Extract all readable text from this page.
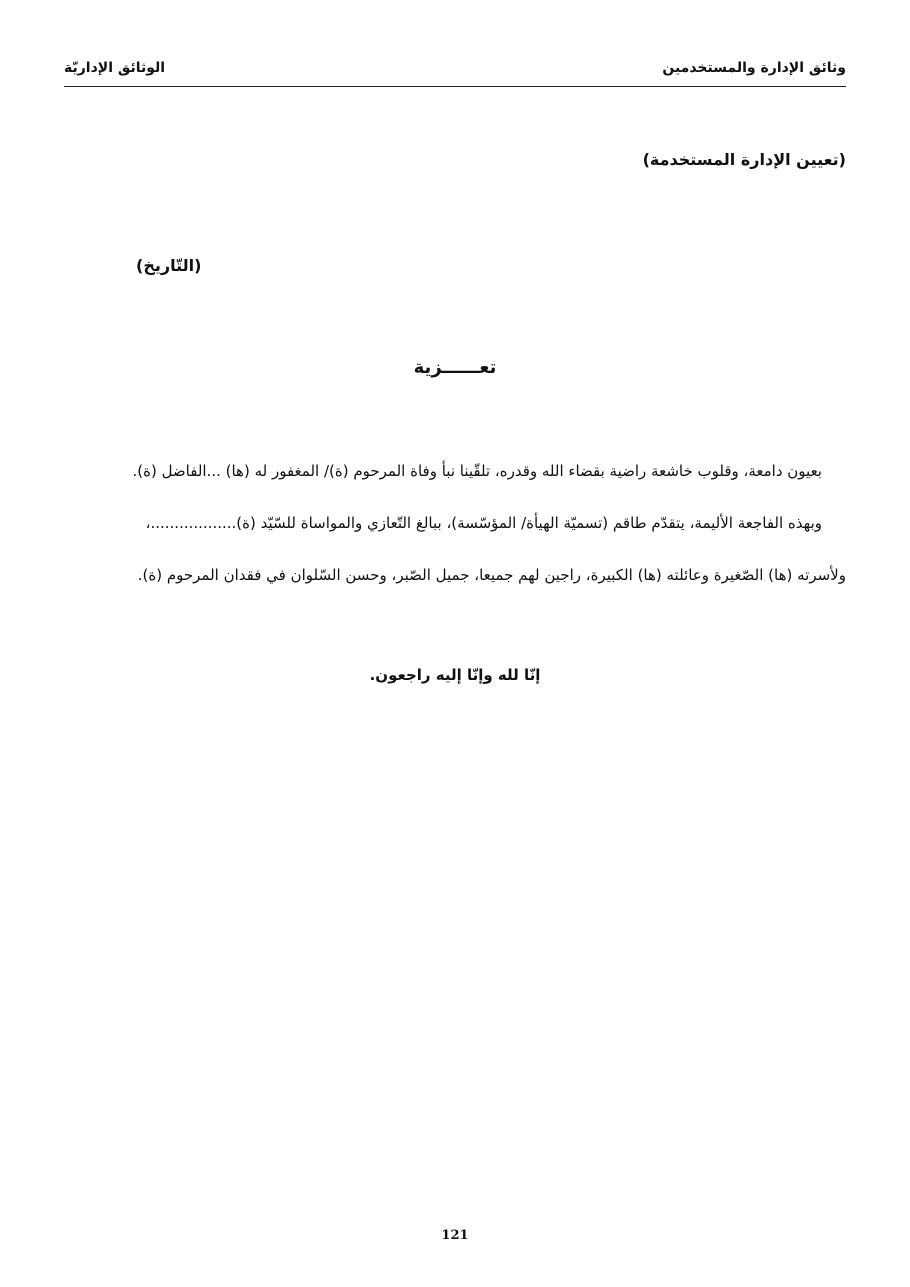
وثائق الإدارة والمستخدمين
الوثائق الإداريّة
(تعيين الإدارة المستخدمة)
(التّاريخ)
تعــــــزية
بعيون دامعة، وقلوب خاشعة راضية بقضاء الله وقدره، تلقّينا نبأ وفاة المرحوم (ة)/ المغفور له (ها) ...الفاضل (ة).
وبهذه الفاجعة الأليمة، يتقدّم طاقم (تسميّة الهيأة/ المؤسّسة)، ببالغ التّعازي والمواساة للسّيّد (ة)..................،
ولأسرته (ها) الصّغيرة وعائلته (ها) الكبيرة، راجين لهم جميعا، جميل الصّبر، وحسن السّلوان في فقدان المرحوم (ة).
إنّا لله وإنّا إليه راجعون.
121
